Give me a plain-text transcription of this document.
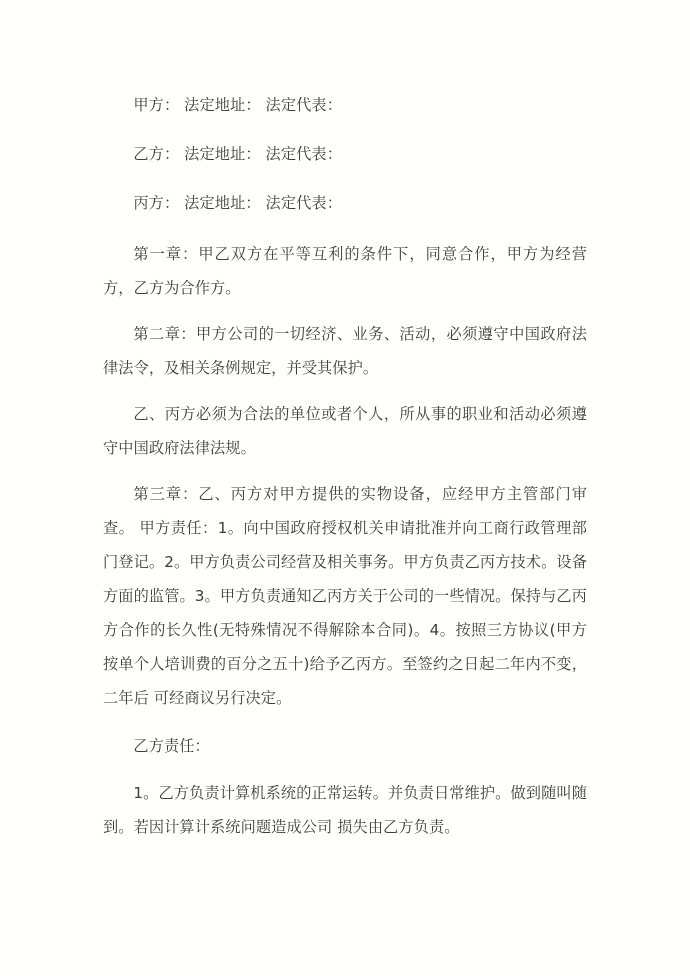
甲方： 法定地址： 法定代表：

乙方： 法定地址： 法定代表：

丙方： 法定地址： 法定代表：

第一章：甲乙双方在平等互利的条件下，同意合作，甲方为经营方，乙方为合作方。

第二章：甲方公司的一切经济、业务、活动，必须遵守中国政府法律法令，及相关条例规定，并受其保护。

乙、丙方必须为合法的单位或者个人，所从事的职业和活动必须遵守中国政府法律法规。

第三章：乙、丙方对甲方提供的实物设备，应经甲方主管部门审查。 甲方责任：1。向中国政府授权机关申请批准并向工商行政管理部门登记。2。甲方负责公司经营及相关事务。甲方负责乙丙方技术。设备方面的监管。3。甲方负责通知乙丙方关于公司的一些情况。保持与乙丙方合作的长久性(无特殊情况不得解除本合同)。4。按照三方协议(甲方按单个人培训费的百分之五十)给予乙丙方。至签约之日起二年内不变，二年后 可经商议另行决定。

乙方责任：

1。乙方负责计算机系统的正常运转。并负责日常维护。做到随叫随到。若因计算计系统问题造成公司 损失由乙方负责。
